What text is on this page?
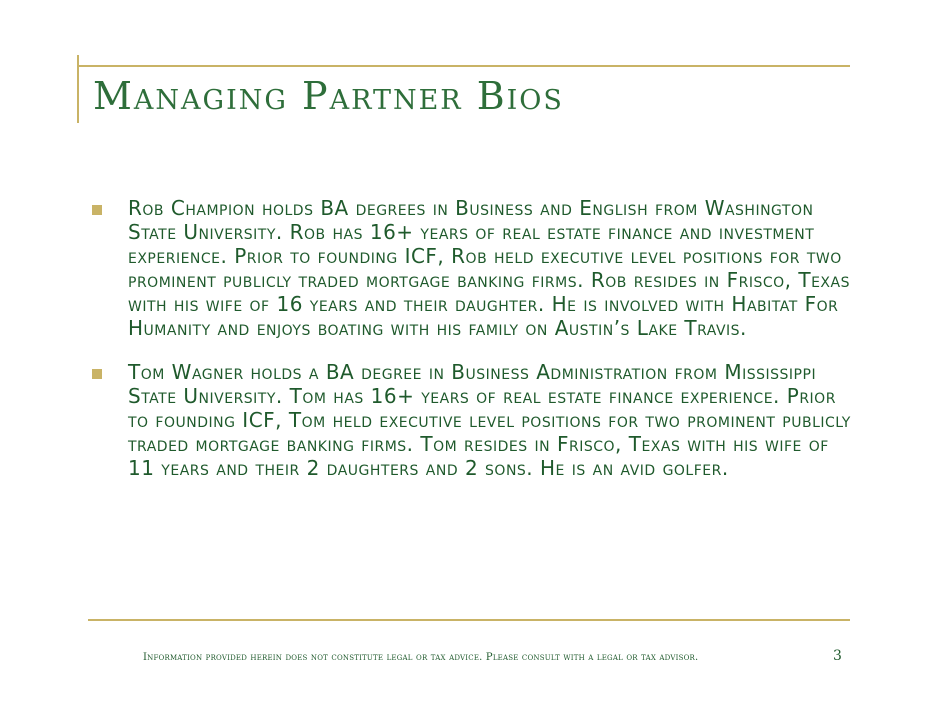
Managing Partner Bios
Rob Champion holds BA degrees in Business and English from Washington State University. Rob has 16+ years of real estate finance and investment experience. Prior to founding ICF, Rob held executive level positions for two prominent publicly traded mortgage banking firms. Rob resides in Frisco, Texas with his wife of 16 years and their daughter. He is involved with Habitat For Humanity and enjoys boating with his family on Austin’s Lake Travis.
Tom Wagner holds a BA degree in Business Administration from Mississippi State University. Tom has 16+ years of real estate finance experience. Prior to founding ICF, Tom held executive level positions for two prominent publicly traded mortgage banking firms. Tom resides in Frisco, Texas with his wife of 11 years and their 2 daughters and 2 sons. He is an avid golfer.
Information provided herein does not constitute legal or tax advice. Please consult with a legal or tax advisor.	3
